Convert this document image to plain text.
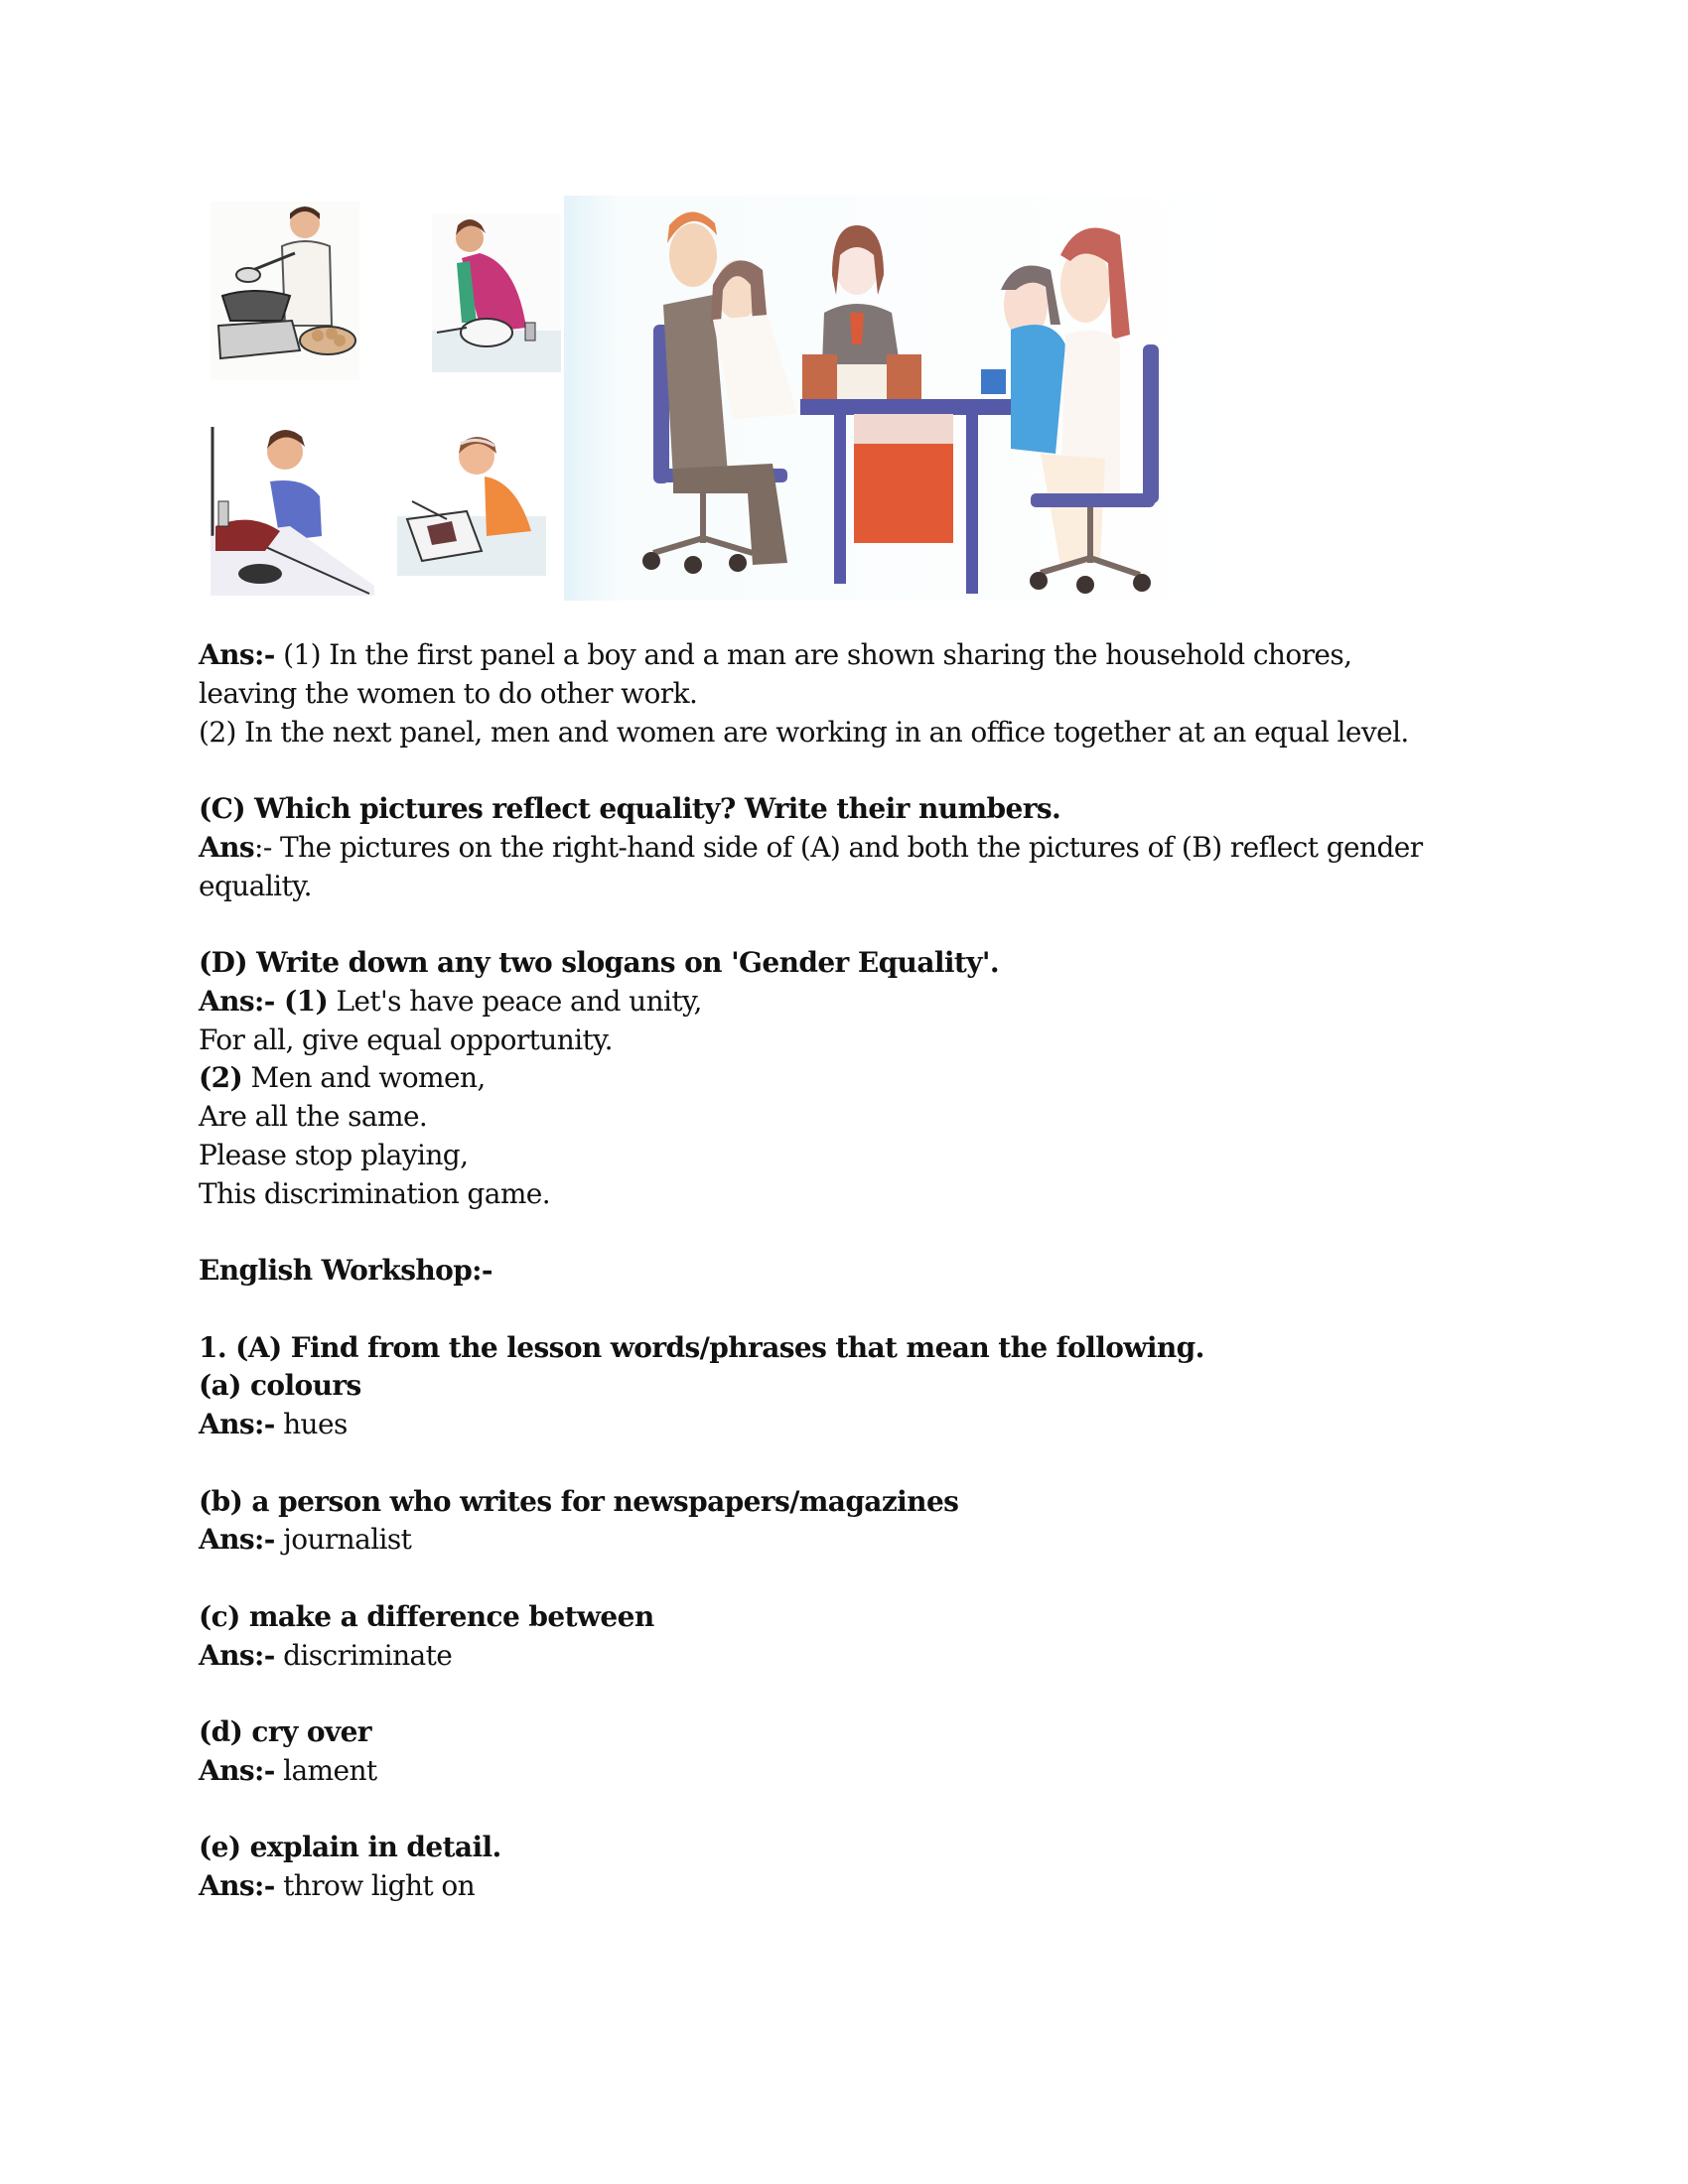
Ans:- (1) In the first panel a boy and a man are shown sharing the household chores,
leaving the women to do other work.
(2) In the next panel, men and women are working in an office together at an equal level.
(C) Which pictures reflect equality? Write their numbers.
Ans:- The pictures on the right-hand side of (A) and both the pictures of (B) reflect gender
equality.
(D) Write down any two slogans on 'Gender Equality'.
Ans:- (1) Let's have peace and unity,
For all, give equal opportunity.
(2) Men and women,
Are all the same.
Please stop playing,
This discrimination game.
English Workshop:-
1. (A) Find from the lesson words/phrases that mean the following.
(a) colours
Ans:- hues
(b) a person who writes for newspapers/magazines
Ans:- journalist
(c) make a difference between
Ans:- discriminate
(d) cry over
Ans:- lament
(e) explain in detail.
Ans:- throw light on
